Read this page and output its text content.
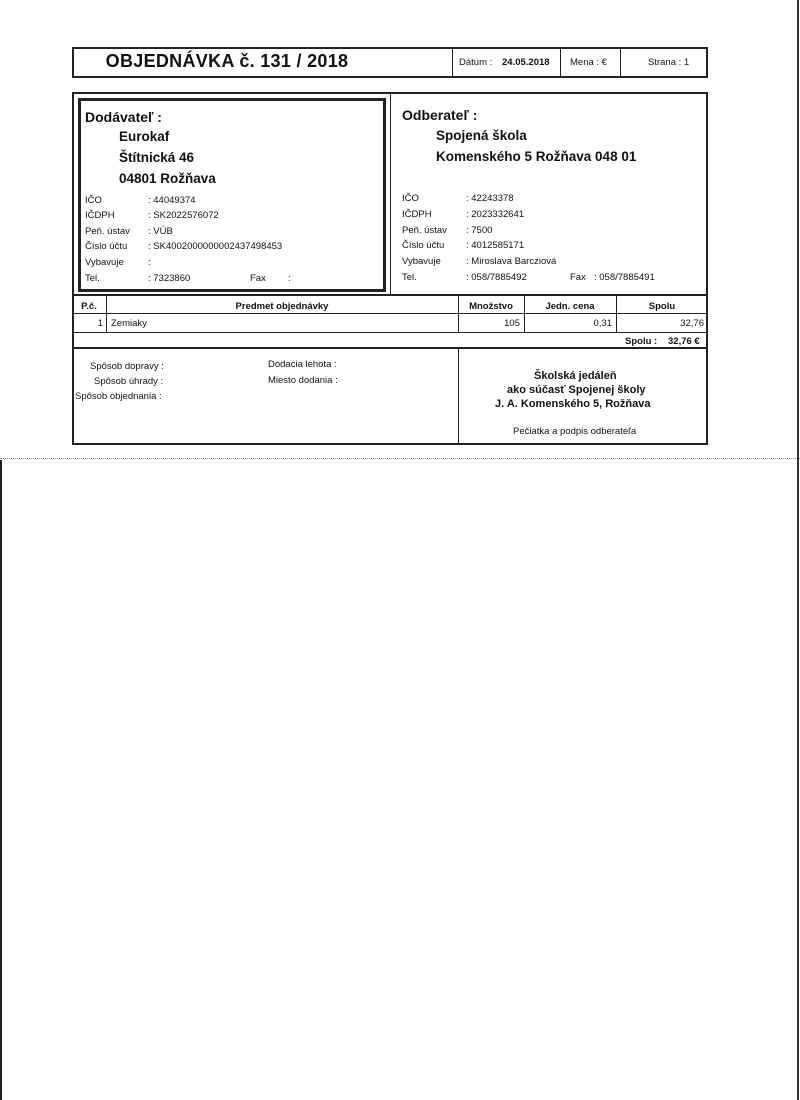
OBJEDNÁVKA č. 131 / 2018	Dátum : 24.05.2018 Mena : €	Strana : 1
Dodávateľ :
Eurokaf
Štítnická 46
04801 Rožňava
IČO	: 44049374
IČDPH	: SK2022576072
Peň. ústav : VÚB
Číslo účtu : SK4002000000002437498453
Vybavuje	:
Tel.	: 7323860	Fax :
Odberateľ :
Spojená škola
Komenského 5 Rožňava 048 01
IČO	: 42243378
IČDPH	: 2023332641
Peň. ústav : 7500
Číslo účtu : 4012585171
Vybavuje	: Miroslava Barcziová
Tel.	: 058/7885492	Fax : 058/7885491
P.č.	Predmet objednávky	Množstvo	Jedn. cena	Spolu
1 Zemiaky	105	0,31	32,76
Spolu : 32,76 €
Spôsob dopravy :
Spôsob úhrady :
Spôsob objednania :
Dodacia lehota :
Miesto dodania :	Školská jedáleň
ako súčasť Spojenej školy
J. A. Komenského 5, Rožňava
Pečiatka a podpis odberateľa
